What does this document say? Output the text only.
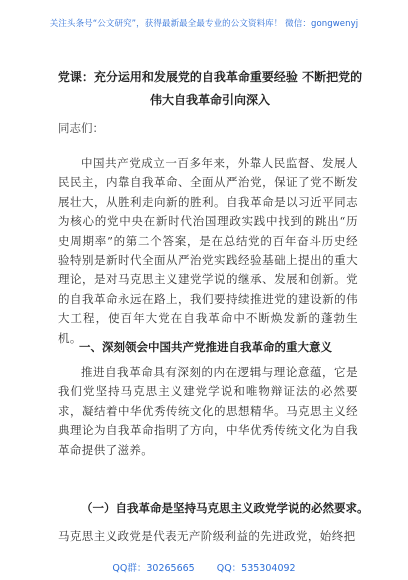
关注头条号“公文研究”，获得最新最全最专业的公文资料库！ 微信：gongwenyj
党课：充分运用和发展党的自我革命重要经验 不断把党的
伟大自我革命引向深入
同志们：
中国共产党成立一百多年来，外靠人民监督、发展人民民主，内靠自我革命、全面从严治党，保证了党不断发展壮大，从胜利走向新的胜利。自我革命是以习近平同志为核心的党中央在新时代治国理政实践中找到的跳出“历史周期率”的第二个答案，是在总结党的百年奋斗历史经验特别是新时代全面从严治党实践经验基础上提出的重大理论，是对马克思主义建党学说的继承、发展和创新。党的自我革命永远在路上，我们要持续推进党的建设新的伟大工程，使百年大党在自我革命中不断焕发新的蓬勃生机。
一、深刻领会中国共产党推进自我革命的重大意义
推进自我革命具有深刻的内在逻辑与理论意蕴，它是我们党坚持马克思主义建党学说和唯物辩证法的必然要求，凝结着中华优秀传统文化的思想精华。马克思主义经典理论为自我革命指明了方向，中华优秀传统文化为自我革命提供了滋养。
（一）自我革命是坚持马克思主义政党学说的必然要求。
马克思主义政党是代表无产阶级利益的先进政党，始终把
QQ群：30265665 QQ：535304092
